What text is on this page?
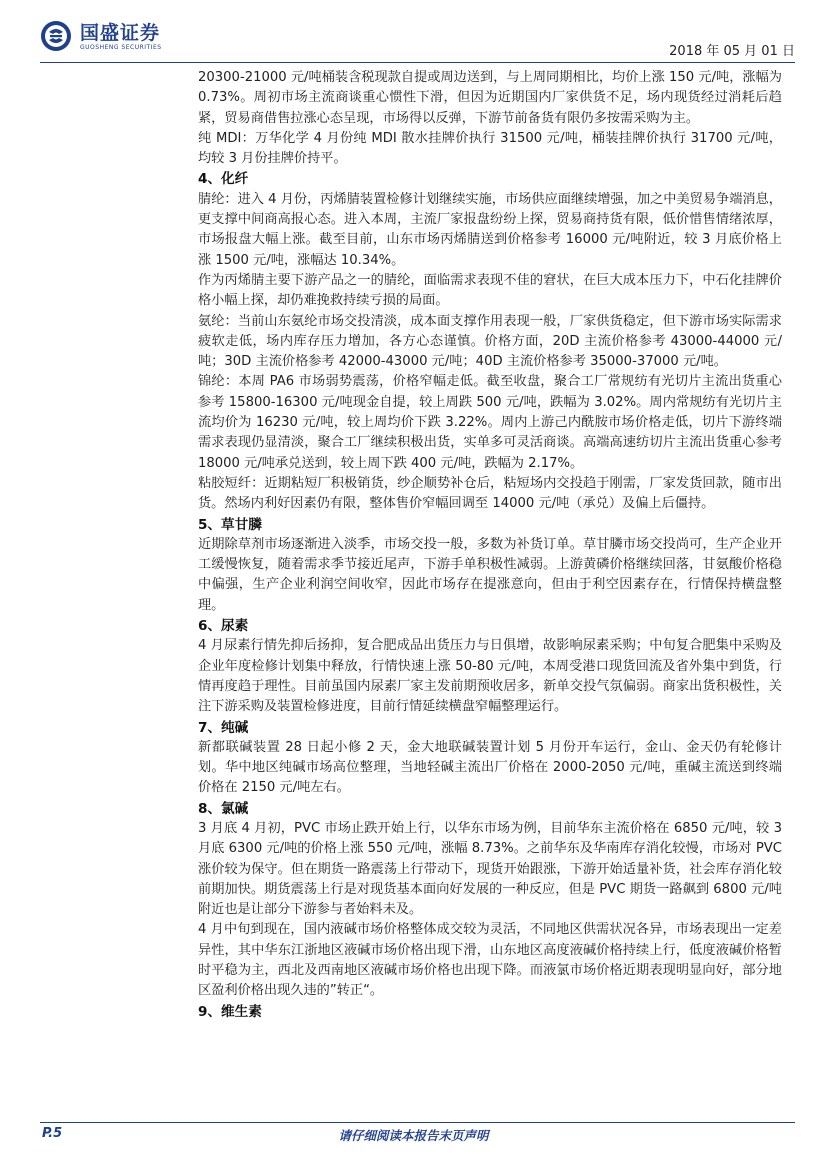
国盛证券
GUOSHENG SECURITIES	2018 年 05 月 01 日

20300-21000 元/吨桶装含税现款自提或周边送到，与上周同期相比，均价上涨 150 元/吨，涨幅为 0.73%。周初市场主流商谈重心惯性下滑，但因为近期国内厂家供货不足，场内现货经过消耗后趋紧，贸易商借售拉涨心态呈现，市场得以反弹，下游节前备货有限仍多按需采购为主。

纯 MDI：万华化学 4 月份纯 MDI 散水挂牌价执行 31500 元/吨，桶装挂牌价执行 31700 元/吨，均较 3 月份挂牌价持平。

4、化纤

腈纶：进入 4 月份，丙烯腈装置检修计划继续实施，市场供应面继续增强，加之中美贸易争端消息，更支撑中间商高报心态。进入本周，主流厂家报盘纷纷上探，贸易商持货有限，低价惜售情绪浓厚，市场报盘大幅上涨。截至目前，山东市场丙烯腈送到价格参考 16000 元/吨附近，较 3 月底价格上涨 1500 元/吨，涨幅达 10.34%。

作为丙烯腈主要下游产品之一的腈纶，面临需求表现不佳的窘状，在巨大成本压力下，中石化挂牌价格小幅上探，却仍难挽救持续亏损的局面。

氨纶：当前山东氨纶市场交投清淡，成本面支撑作用表现一般，厂家供货稳定，但下游市场实际需求疲软走低，场内库存压力增加，各方心态谨慎。价格方面，20D 主流价格参考 43000-44000 元/吨；30D 主流价格参考 42000-43000 元/吨；40D 主流价格参考 35000-37000 元/吨。

锦纶：本周 PA6 市场弱势震荡，价格窄幅走低。截至收盘，聚合工厂常规纺有光切片主流出货重心参考 15800-16300 元/吨现金自提，较上周跌 500 元/吨，跌幅为 3.02%。周内常规纺有光切片主流均价为 16230 元/吨，较上周均价下跌 3.22%。周内上游己内酰胺市场价格走低，切片下游终端需求表现仍显清淡，聚合工厂继续积极出货，实单多可灵活商谈。高端高速纺切片主流出货重心参考 18000 元/吨承兑送到，较上周下跌 400 元/吨，跌幅为 2.17%。

粘胶短纤：近期粘短厂积极销货，纱企顺势补仓后，粘短场内交投趋于刚需，厂家发货回款，随市出货。然场内利好因素仍有限，整体售价窄幅回调至 14000 元/吨（承兑）及偏上后僵持。

5、草甘膦

近期除草剂市场逐渐进入淡季，市场交投一般，多数为补货订单。草甘膦市场交投尚可，生产企业开工缓慢恢复，随着需求季节接近尾声，下游手单积极性减弱。上游黄磷价格继续回落，甘氨酸价格稳中偏强，生产企业利润空间收窄，因此市场存在提涨意向，但由于利空因素存在，行情保持横盘整理。

6、尿素

4 月尿素行情先抑后扬抑，复合肥成品出货压力与日俱增，故影响尿素采购；中旬复合肥集中采购及企业年度检修计划集中释放，行情快速上涨 50-80 元/吨，本周受港口现货回流及省外集中到货，行情再度趋于理性。目前虽国内尿素厂家主发前期预收居多，新单交投气氛偏弱。商家出货积极性，关注下游采购及装置检修进度，目前行情延续横盘窄幅整理运行。

7、纯碱

新都联碱装置 28 日起小修 2 天，金大地联碱装置计划 5 月份开车运行，金山、金天仍有轮修计划。华中地区纯碱市场高位整理，当地轻碱主流出厂价格在 2000-2050 元/吨，重碱主流送到终端价格在 2150 元/吨左右。

8、氯碱

3 月底 4 月初，PVC 市场止跌开始上行，以华东市场为例，目前华东主流价格在 6850 元/吨，较 3 月底 6300 元/吨的价格上涨 550 元/吨，涨幅 8.73%。之前华东及华南库存消化较慢，市场对 PVC 涨价较为保守。但在期货一路震荡上行带动下，现货开始跟涨，下游开始适量补货，社会库存消化较前期加快。期货震荡上行是对现货基本面向好发展的一种反应，但是 PVC 期货一路飙到 6800 元/吨附近也是让部分下游参与者始料未及。

4 月中旬到现在，国内液碱市场价格整体成交较为灵活，不同地区供需状况各异，市场表现出一定差异性，其中华东江浙地区液碱市场价格出现下滑，山东地区高度液碱价格持续上行，低度液碱价格暂时平稳为主，西北及西南地区液碱市场价格也出现下降。而液氯市场价格近期表现明显向好，部分地区盈利价格出现久违的”转正“。

9、维生素

P.5	请仔细阅读本报告末页声明
